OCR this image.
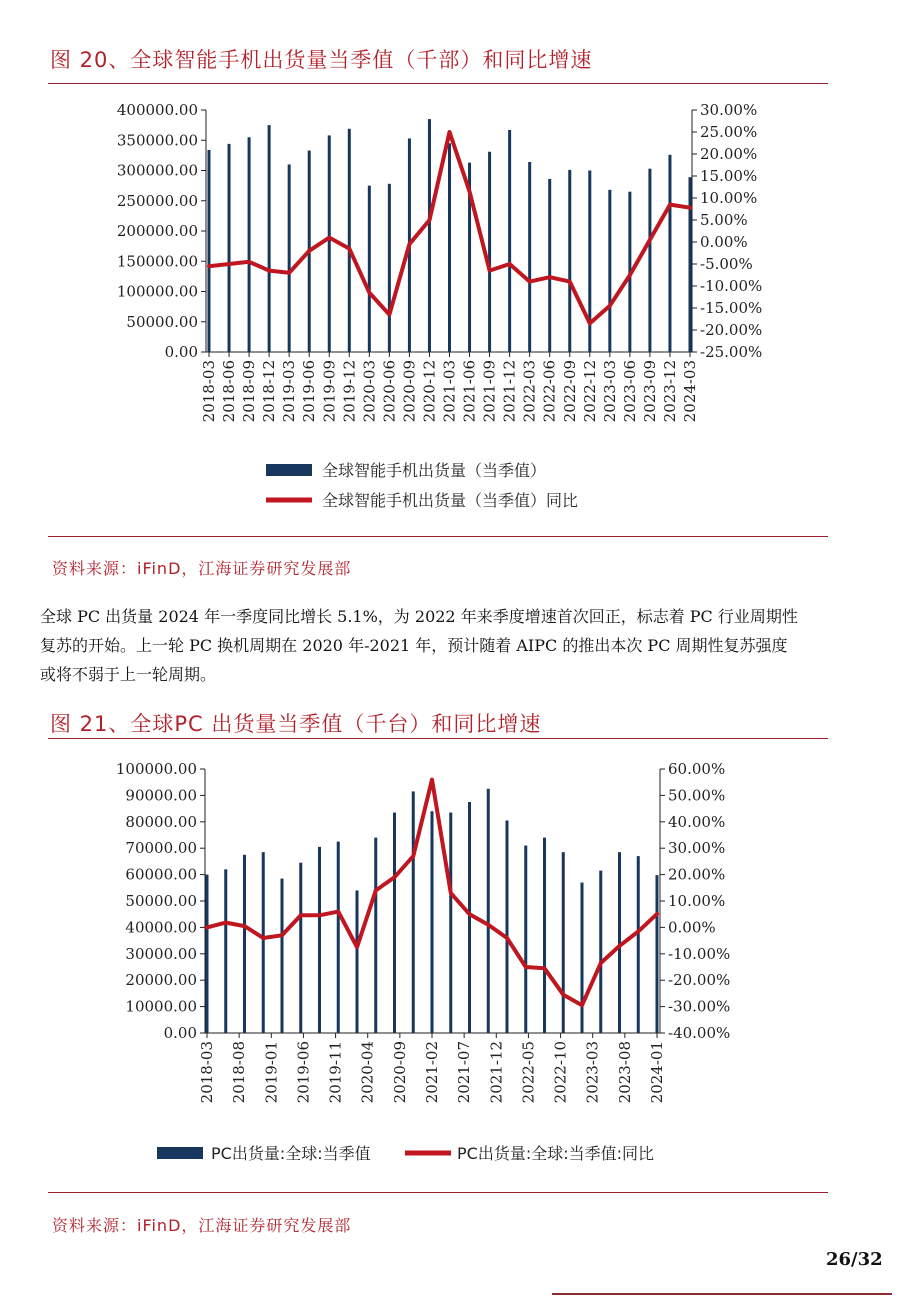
图 20、全球智能手机出货量当季值（千部）和同比增速
0.00
50000.00
100000.00
150000.00
200000.00
250000.00
300000.00
350000.00
400000.00
-25.00%
-20.00%
-15.00%
-10.00%
-5.00%
0.00%
5.00%
10.00%
15.00%
20.00%
25.00%
30.00%
2018-03 2018-06 2018-09 2018-12 2019-03 2019-06 2019-09 2019-12 2020-03 2020-06 2020-09 2020-12 2021-03 2021-06 2021-09 2021-12 2022-03 2022-06 2022-09 2022-12 2023-03 2023-06 2023-09 2023-12 2024-03
全球智能手机出货量（当季值）
全球智能手机出货量（当季值）同比
资料来源：iFinD，江海证券研究发展部

全球 PC 出货量 2024 年一季度同比增长 5.1%，为 2022 年来季度增速首次回正，标志着 PC 行业周期性

复苏的开始。上一轮 PC 换机周期在 2020 年-2021 年，预计随着 AIPC 的推出本次 PC 周期性复苏强度

或将不弱于上一轮周期。

图 21、全球PC 出货量当季值（千台）和同比增速
0.00
10000.00
20000.00
30000.00
40000.00
50000.00
60000.00
70000.00
80000.00
90000.00
100000.00
-40.00%
-30.00%
-20.00%
-10.00%
0.00%
10.00%
20.00%
30.00%
40.00%
50.00%
60.00%
2018-03 2018-08 2019-01 2019-06 2019-11 2020-04 2020-09 2021-02 2021-07 2021-12 2022-05 2022-10 2023-03 2023-08 2024-01
PC出货量:全球:当季值	PC出货量:全球:当季值:同比
资料来源：iFinD，江海证券研究发展部
26/32
